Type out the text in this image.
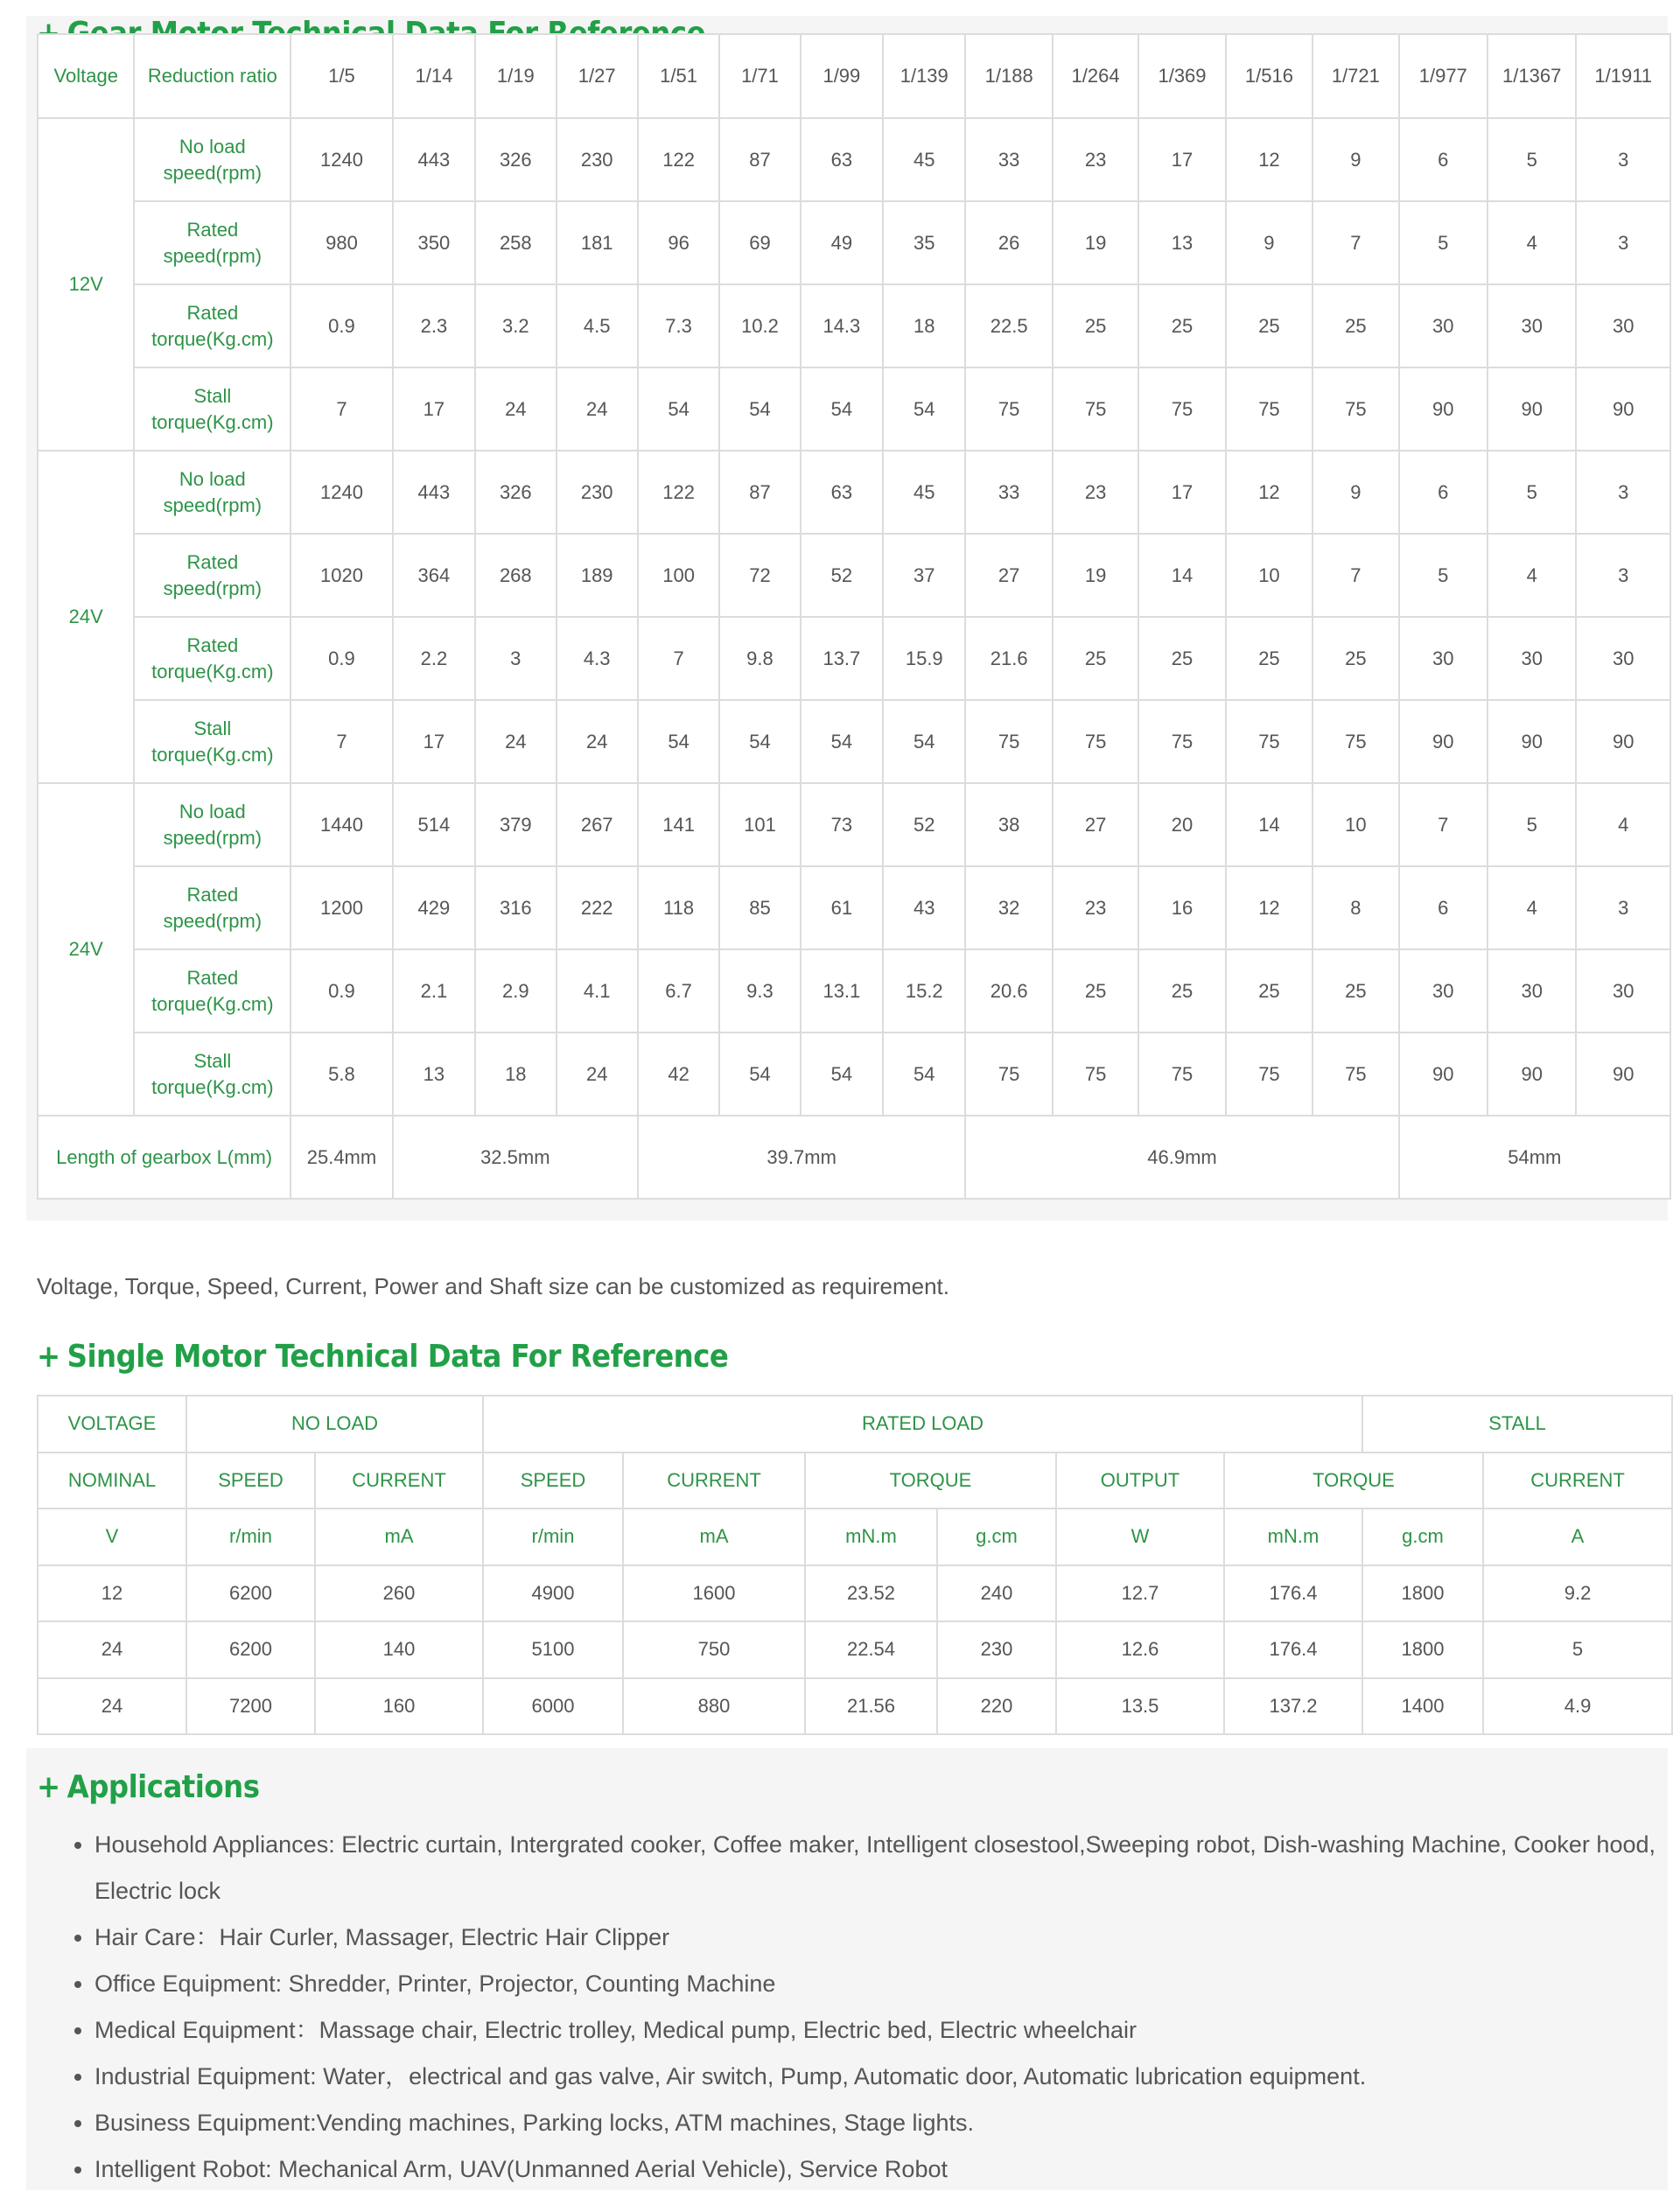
Voltage	Reduction ratio	1/5	1/14	1/19	1/27	1/51	1/71	1/99	1/139	1/188	1/264	1/369	1/516	1/721	1/977	1/1367	1/1911
12V	No load speed(rpm)	1240	443	326	230	122	87	63	45	33	23	17	12	9	6	5	3
	Rated speed(rpm)	980	350	258	181	96	69	49	35	26	19	13	9	7	5	4	3
	Rated torque(Kg.cm)	0.9	2.3	3.2	4.5	7.3	10.2	14.3	18	22.5	25	25	25	25	30	30	30
	Stall torque(Kg.cm)	7	17	24	24	54	54	54	54	75	75	75	75	75	90	90	90
24V	No load speed(rpm)	1240	443	326	230	122	87	63	45	33	23	17	12	9	6	5	3
	Rated speed(rpm)	1020	364	268	189	100	72	52	37	27	19	14	10	7	5	4	3
	Rated torque(Kg.cm)	0.9	2.2	3	4.3	7	9.8	13.7	15.9	21.6	25	25	25	25	30	30	30
	Stall torque(Kg.cm)	7	17	24	24	54	54	54	54	75	75	75	75	75	90	90	90
24V	No load speed(rpm)	1440	514	379	267	141	101	73	52	38	27	20	14	10	7	5	4
	Rated speed(rpm)	1200	429	316	222	118	85	61	43	32	23	16	12	8	6	4	3
	Rated torque(Kg.cm)	0.9	2.1	2.9	4.1	6.7	9.3	13.1	15.2	20.6	25	25	25	25	30	30	30
	Stall torque(Kg.cm)	5.8	13	18	24	42	54	54	54	75	75	75	75	75	90	90	90
Length of gearbox L(mm)		25.4mm	32.5mm			39.7mm				46.9mm					54mm		
Voltage, Torque, Speed, Current, Power and Shaft size can be customized as requirement.
+ Single Motor Technical Data For Reference
VOLTAGE	NO LOAD		RATED LOAD						STALL	
NOMINAL	SPEED	CURRENT	SPEED	CURRENT	TORQUE		OUTPUT	TORQUE		CURRENT
V	r/min	mA	r/min	mA	mN.m	g.cm	W	mN.m	g.cm	A
12	6200	260	4900	1600	23.52	240	12.7	176.4	1800	9.2
24	6200	140	5100	750	22.54	230	12.6	176.4	1800	5
24	7200	160	6000	880	21.56	220	13.5	137.2	1400	4.9
+ Applications
• Household Appliances: Electric curtain, Intergrated cooker, Coffee maker, Intelligent closestool,Sweeping robot, Dish-washing Machine, Cooker hood, Electric lock
• Hair Care：Hair Curler, Massager, Electric Hair Clipper
• Office Equipment: Shredder, Printer, Projector, Counting Machine
• Medical Equipment：Massage chair, Electric trolley, Medical pump, Electric bed, Electric wheelchair
• Industrial Equipment: Water，electrical and gas valve, Air switch, Pump, Automatic door, Automatic lubrication equipment.
• Business Equipment:Vending machines, Parking locks, ATM machines, Stage lights.
• Intelligent Robot: Mechanical Arm, UAV(Unmanned Aerial Vehicle), Service Robot
